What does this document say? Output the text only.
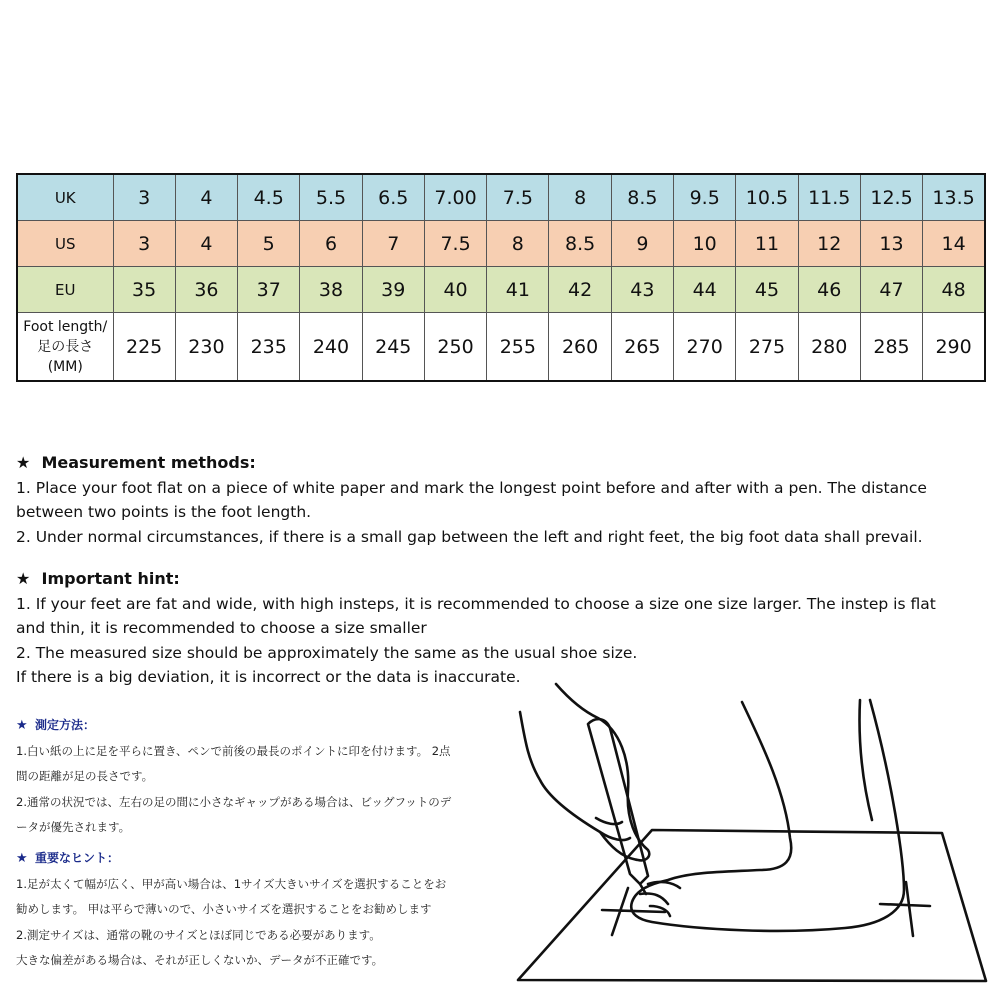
UK	3	4	4.5	5.5	6.5	7.00	7.5	8	8.5	9.5	10.5	11.5	12.5	13.5
US	3	4	5	6	7	7.5	8	8.5	9	10	11	12	13	14
EU	35	36	37	38	39	40	41	42	43	44	45	46	47	48

Foot length/
足の長さ
(MM)	225	230	235	240	245	250	255	260	265	270	275	280	285	290
★ Measurement methods:
1. Place your foot flat on a piece of white paper and mark the longest point before and after with a pen. The distance
between two points is the foot length.
2. Under normal circumstances, if there is a small gap between the left and right feet, the big foot data shall prevail.
★ Important hint:
1. If your feet are fat and wide, with high insteps, it is recommended to choose a size one size larger. The instep is flat
and thin, it is recommended to choose a size smaller
2. The measured size should be approximately the same as the usual shoe size.
If there is a big deviation, it is incorrect or the data is inaccurate.
★ 測定方法：
1.白い紙の上に足を平らに置き、ペンで前後の最長のポイントに印を付けます。 2点
間の距離が足の長さです。
2.通常の状況では、左右の足の間に小さなギャップがある場合は、ビッグフットのデ
ータが優先されます。
★ 重要なヒント：
1.足が太くて幅が広く、甲が高い場合は、1サイズ大きいサイズを選択することをお
勧めします。 甲は平らで薄いので、小さいサイズを選択することをお勧めします
2.測定サイズは、通常の靴のサイズとほぼ同じである必要があります。
大きな偏差がある場合は、それが正しくないか、データが不正確です。
